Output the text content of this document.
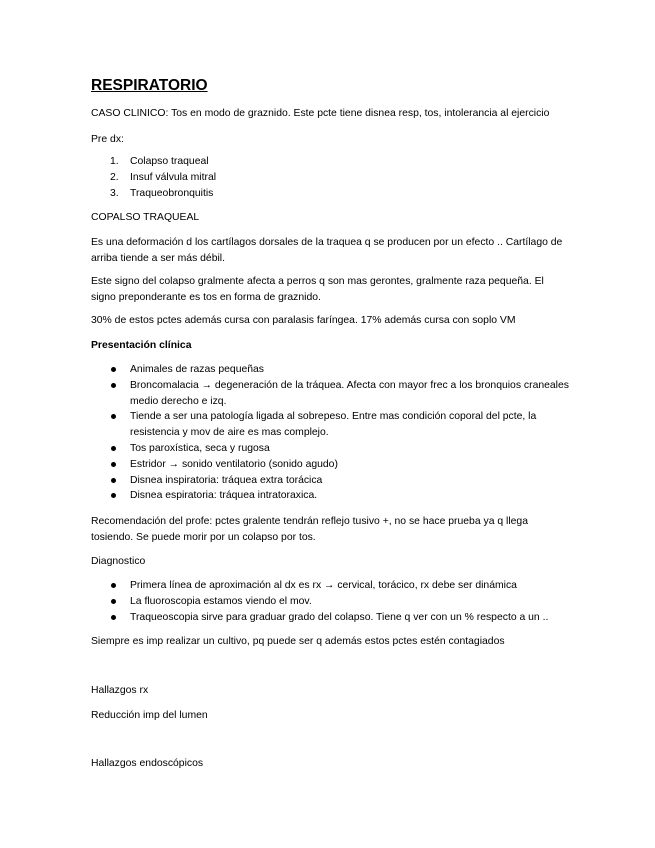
RESPIRATORIO
CASO CLINICO: Tos en modo de graznido. Este pcte tiene disnea resp, tos, intolerancia al ejercicio
Pre dx:
1. Colapso traqueal
2. Insuf válvula mitral
3. Traqueobronquitis
COPALSO TRAQUEAL
Es una deformación d los cartílagos dorsales de la traquea q se producen por un efecto .. Cartílago de arriba tiende a ser más débil.
Este signo del colapso gralmente afecta a perros q son mas gerontes, gralmente raza pequeña. El signo preponderante es tos en forma de graznido.
30% de estos pctes además cursa con paralasis faríngea. 17% además cursa con soplo VM
Presentación clínica
Animales de razas pequeñas
Broncomalacia → degeneración de la tráquea. Afecta con mayor frec a los bronquios craneales medio derecho e izq.
Tiende a ser una patología ligada al sobrepeso. Entre mas condición coporal del pcte, la resistencia y mov de aire es mas complejo.
Tos paroxística, seca y rugosa
Estridor → sonido ventilatorio (sonido agudo)
Disnea inspiratoria: tráquea extra torácica
Disnea espiratoria: tráquea intratoraxica.
Recomendación del profe: pctes gralente tendrán reflejo tusivo +, no se hace prueba ya q llega tosiendo. Se puede morir por un colapso por tos.
Diagnostico
Primera línea de aproximación al dx es rx → cervical, torácico, rx debe ser dinámica
La fluoroscopia estamos viendo el mov.
Traqueoscopia sirve para graduar grado del colapso. Tiene q ver con un % respecto a un ..
Siempre es imp realizar un cultivo, pq puede ser q además estos pctes estén contagiados
Hallazgos rx
Reducción imp del lumen
Hallazgos endoscópicos
